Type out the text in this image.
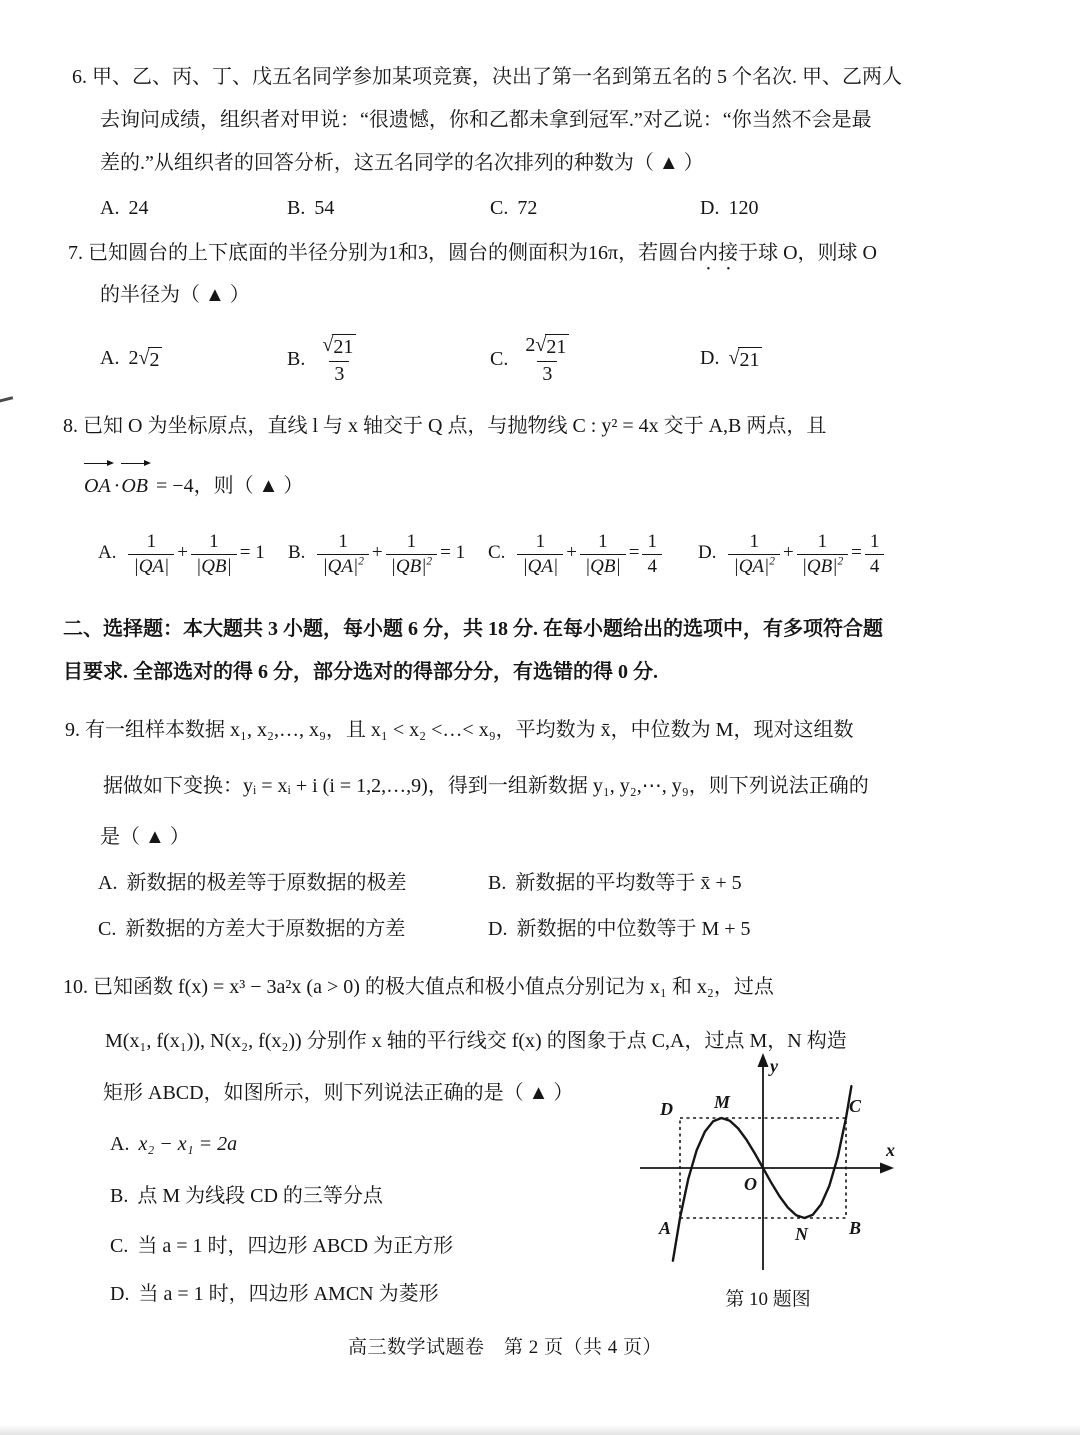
6. 甲、乙、丙、丁、戊五名同学参加某项竞赛，决出了第一名到第五名的 5 个名次. 甲、乙两人
去询问成绩，组织者对甲说：“很遗憾，你和乙都未拿到冠军.”对乙说：“你当然不会是最
差的.”从组织者的回答分析，这五名同学的名次排列的种数为（ ▲ ）
A. 24	B. 54	C. 72	D. 120
7. 已知圆台的上下底面的半径分别为1和3，圆台的侧面积为16π，若圆台内接于球 O，则球 O
的半径为（ ▲ ）
A. 2 √ 2	B. $\frac{√ 21}{3}$	C. $\frac{2 √ 21}{3}$	D. √ 21
8. 已知 O 为坐标原点，直线 l 与 x 轴交于 Q 点，与抛物线 C : y² = 4x 交于 A,B 两点，且
OA ·OB = −4，则（ ▲ ）
A. $\frac{1}{|QA|} + \frac{1}{|QB|} = 1$	B. $\frac{1}{|QA|^2} + \frac{1}{|QB|^2} = 1$	C. $\frac{1}{|QA|} + \frac{1}{|QB|} = \frac{1}{4} D$. $\frac{1}{|QA|^2} + \frac{1}{|QB|^2} = \frac{1}{4}$
二、选择题：本大题共 3 小题，每小题 6 分，共 18 分. 在每小题给出的选项中，有多项符合题
目要求. 全部选对的得 6 分，部分选对的得部分分，有选错的得 0 分.
9. 有一组样本数据 x₁, x₂,…, x₉，且 x₁ < x₂ <…< x₉，平均数为 x̄，中位数为 M，现对这组数
据做如下变换：yᵢ = xᵢ + i (i = 1,2,…,9)，得到一组新数据 y₁, y₂,⋯, y₉，则下列说法正确的
是（ ▲ ）
A. 新数据的极差等于原数据的极差	B. 新数据的平均数等于 x̄ + 5
C. 新数据的方差大于原数据的方差	D. 新数据的中位数等于 M + 5
10. 已知函数 f(x) = x³ − 3a²x (a > 0) 的极大值点和极小值点分别记为 x₁ 和 x₂，过点
M(x₁, f(x₁)), N(x₂, f(x₂)) 分别作 x 轴的平行线交 f(x) 的图象于点 C,A，过点 M，N 构造
矩形 ABCD，如图所示，则下列说法正确的是（ ▲ ）
A. x₂ − x₁ = 2a
B. 点 M 为线段 CD 的三等分点
C. 当 a = 1 时，四边形 ABCD 为正方形
D. 当 a = 1 时，四边形 AMCN 为菱形
y
x
O
D M	C
A	B
N
第 10 题图
高三数学试题卷　第 2 页（共 4 页）
